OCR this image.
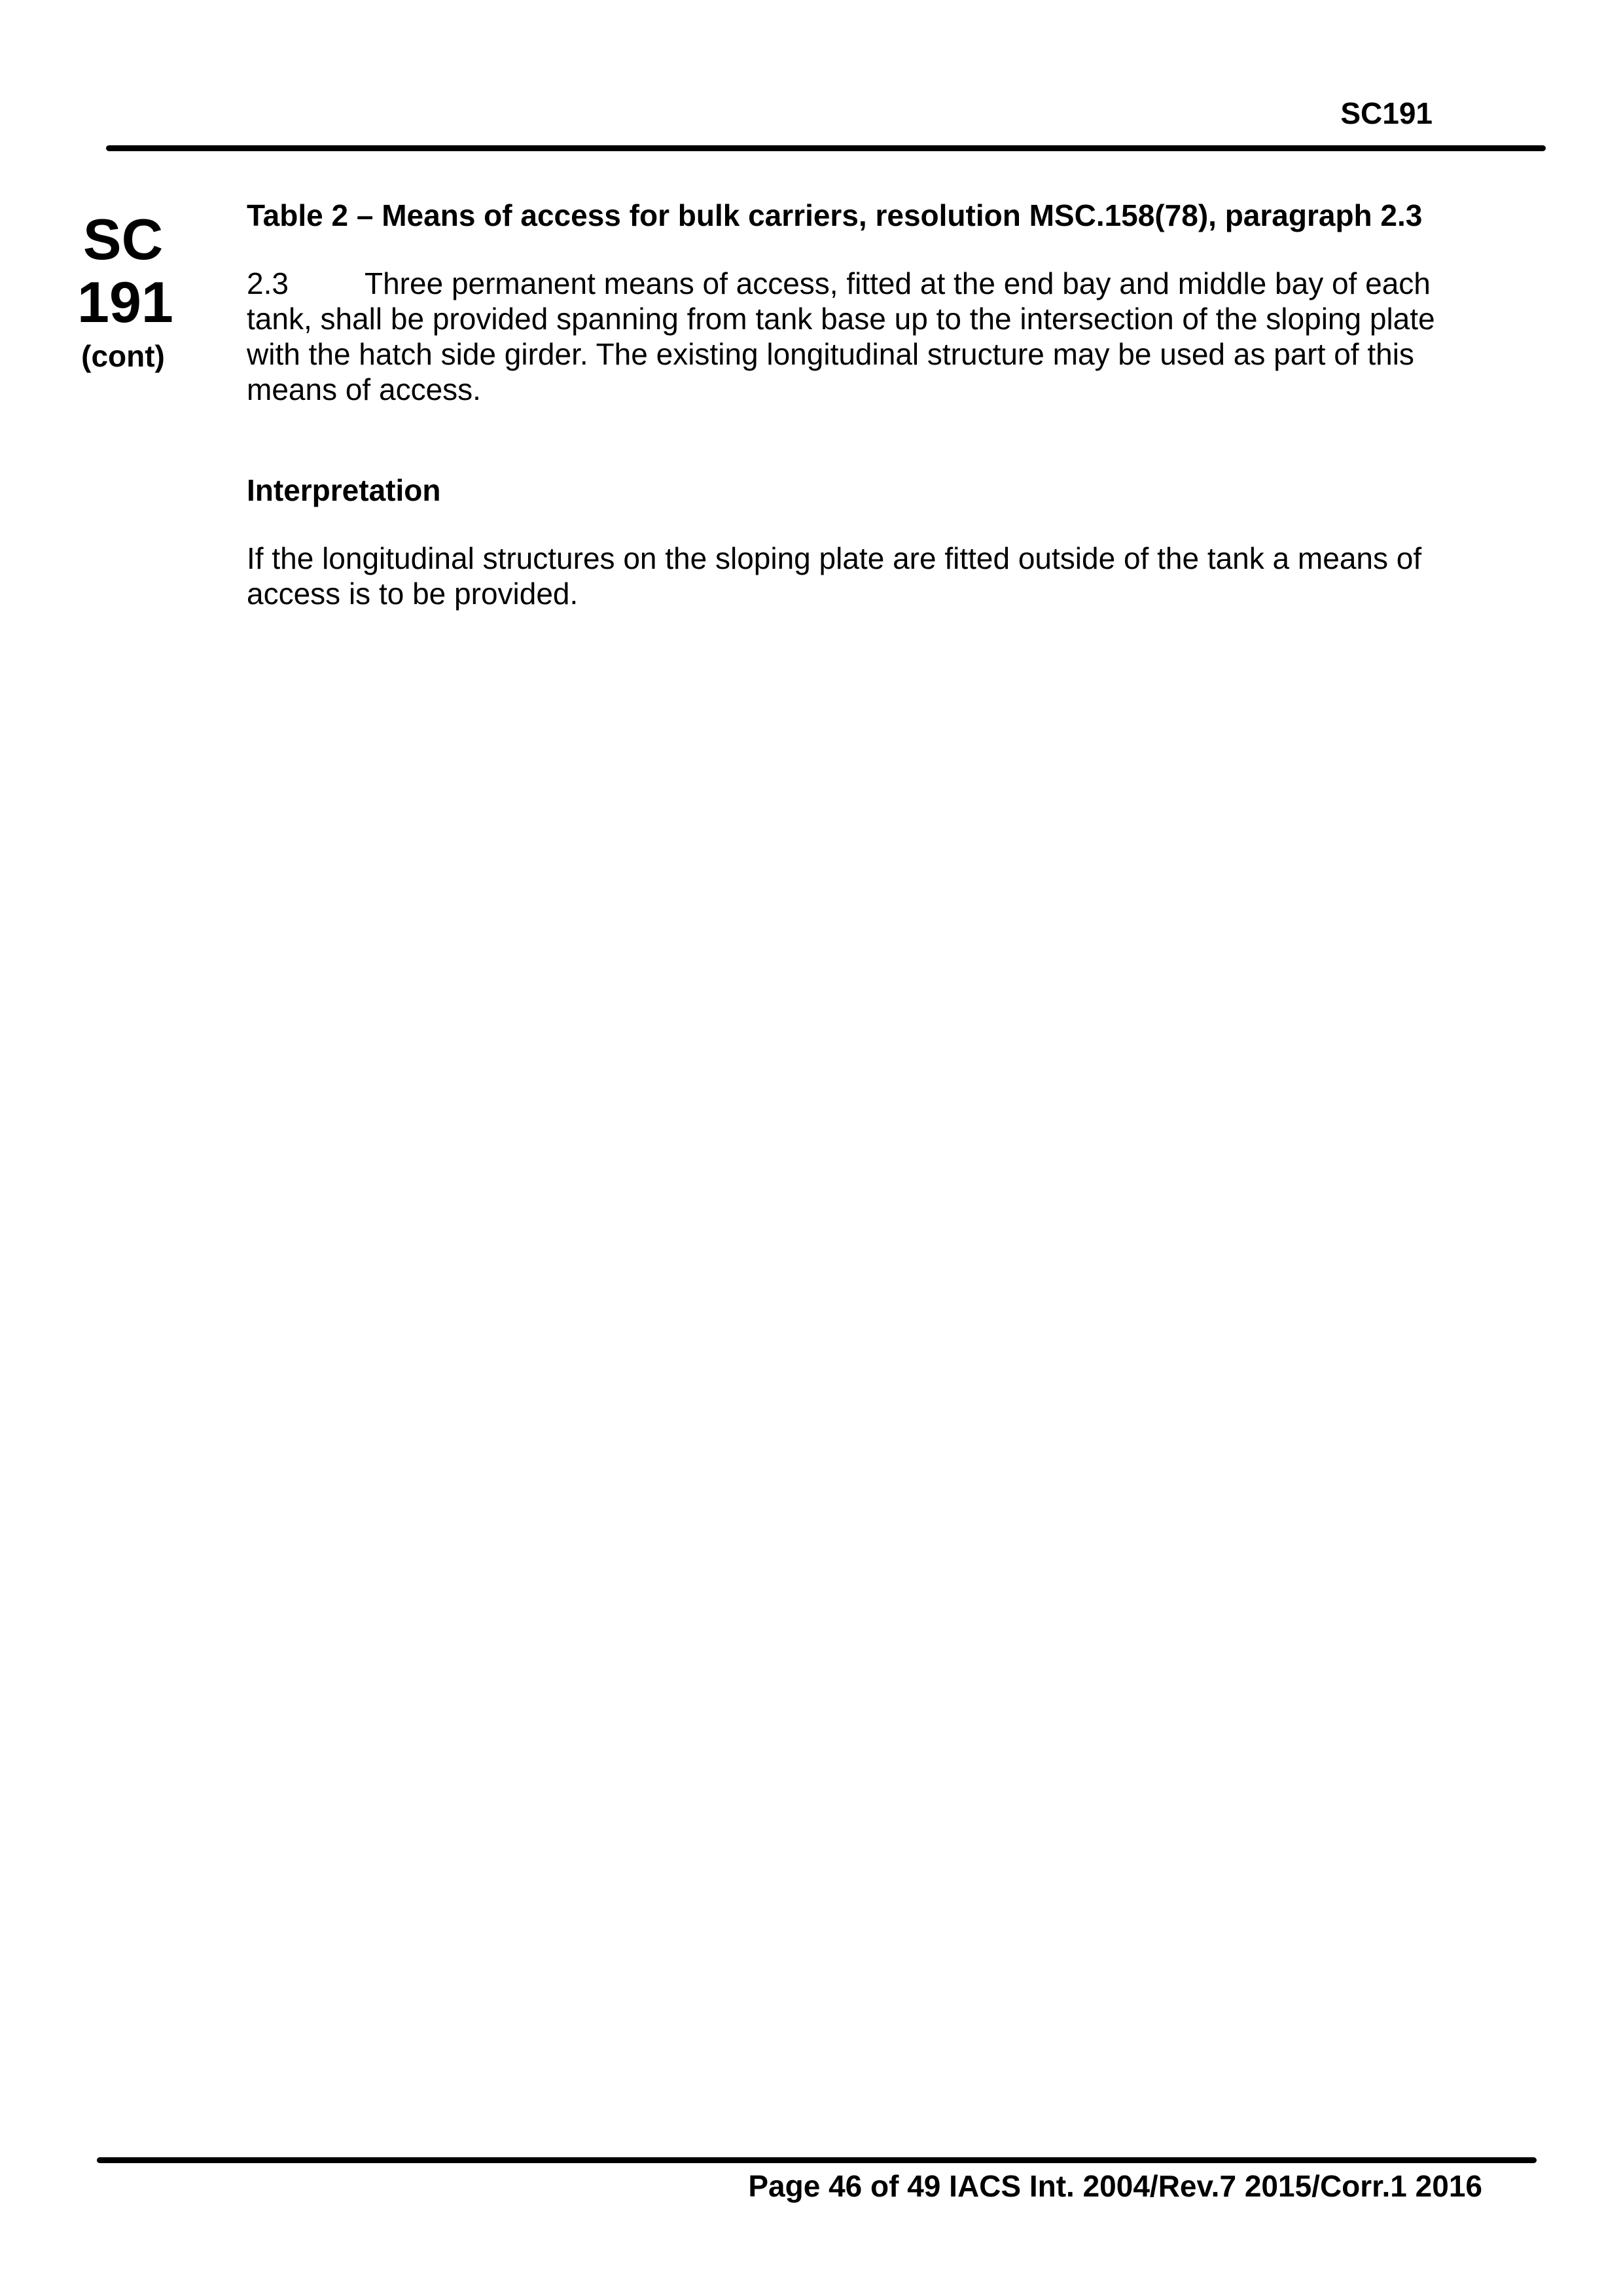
SC191
SC
191
(cont)

Table 2 – Means of access for bulk carriers, resolution MSC.158(78), paragraph 2.3

2.3	Three permanent means of access, fitted at the end bay and middle bay of each tank, shall be provided spanning from tank base up to the intersection of the sloping plate with the hatch side girder. The existing longitudinal structure may be used as part of this means of access.

Interpretation

If the longitudinal structures on the sloping plate are fitted outside of the tank a means of access is to be provided.

Page 46 of 49 IACS Int. 2004/Rev.7 2015/Corr.1 2016
